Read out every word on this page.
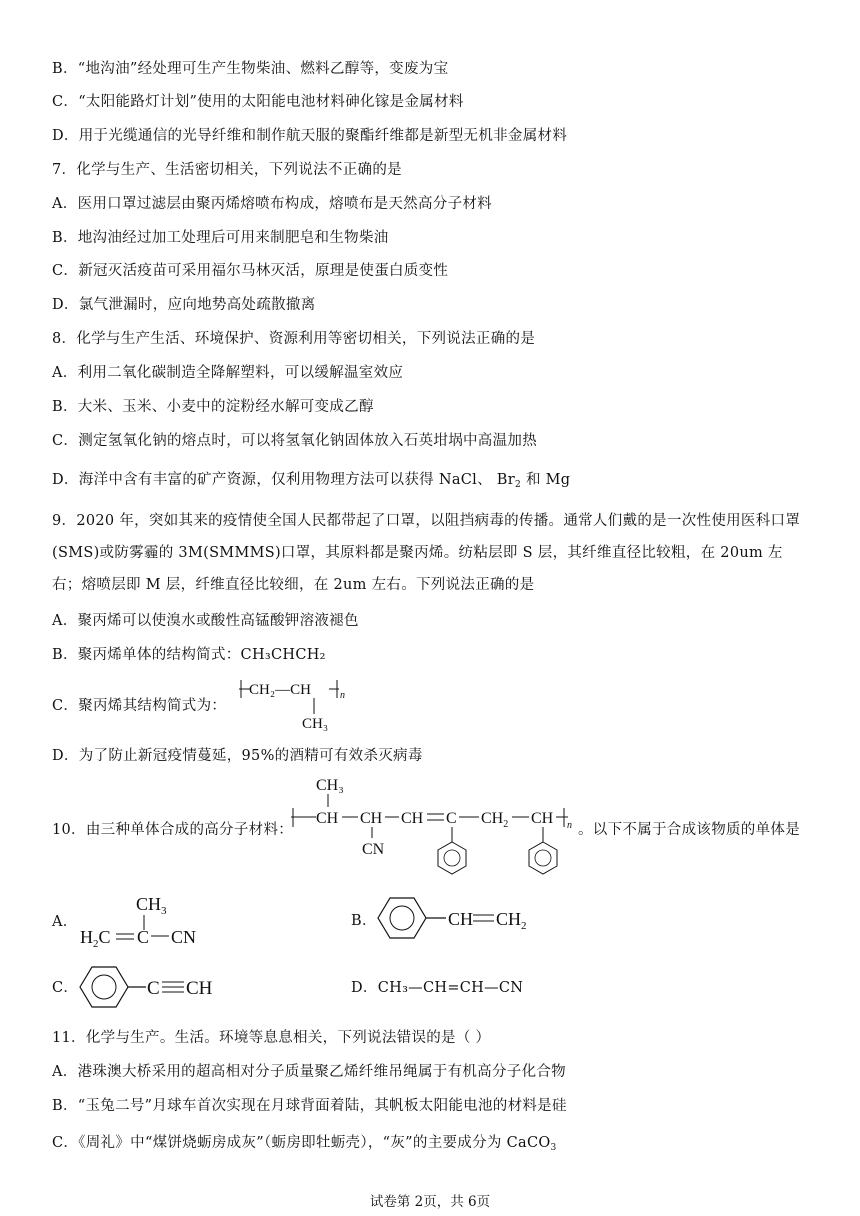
B．“地沟油”经处理可生产生物柴油、燃料乙醇等，变废为宝
C．“太阳能路灯计划”使用的太阳能电池材料砷化镓是金属材料
D．用于光缆通信的光导纤维和制作航天服的聚酯纤维都是新型无机非金属材料
7．化学与生产、生活密切相关，下列说法不正确的是
A．医用口罩过滤层由聚丙烯熔喷布构成，熔喷布是天然高分子材料
B．地沟油经过加工处理后可用来制肥皂和生物柴油
C．新冠灭活疫苗可采用福尔马林灭活，原理是使蛋白质变性
D．氯气泄漏时，应向地势高处疏散撤离
8．化学与生产生活、环境保护、资源利用等密切相关，下列说法正确的是
A．利用二氧化碳制造全降解塑料，可以缓解温室效应
B．大米、玉米、小麦中的淀粉经水解可变成乙醇
C．测定氢氧化钠的熔点时，可以将氢氧化钠固体放入石英坩埚中高温加热
D．海洋中含有丰富的矿产资源，仅利用物理方法可以获得 NaCl、 $Br_2$ 和 Mg
9．2020 年，突如其来的疫情使全国人民都带起了口罩，以阻挡病毒的传播。通常人们戴的是一次性使用医科口罩(SMS)或防雾霾的 3M(SMMMS)口罩，其原料都是聚丙烯。纺粘层即 S 层，其纤维直径比较粗，在 20um 左右；熔喷层即 M 层，纤维直径比较细，在 2um 左右。下列说法正确的是
A．聚丙烯可以使溴水或酸性高锰酸钾溶液褪色
B．聚丙烯单体的结构简式：CH₃CHCH₂
C．聚丙烯其结构简式为：
CH₂—CH	n
CH₃
D．为了防止新冠疫情蔓延，95%的酒精可有效杀灭病毒
10．由三种单体合成的高分子材料：	。以下不属于合成该物质的单体是
CH₃
CH CH
CN
CH C $CH_2$ CH n
A．
$CH_3$
$H_2C$ C CN
B．	CH $CH_2$
C．	C CH	D．CH₃—CH=CH—CN
11．化学与生产。生活。环境等息息相关，下列说法错误的是（ ）
A．港珠澳大桥采用的超高相对分子质量聚乙烯纤维吊绳属于有机高分子化合物
B．“玉兔二号”月球车首次实现在月球背面着陆，其帆板太阳能电池的材料是硅
C．《周礼》中“煤饼烧蛎房成灰”（蛎房即牡蛎壳），“灰”的主要成分为 CaCO$_3$
试卷第 2页，共 6页
